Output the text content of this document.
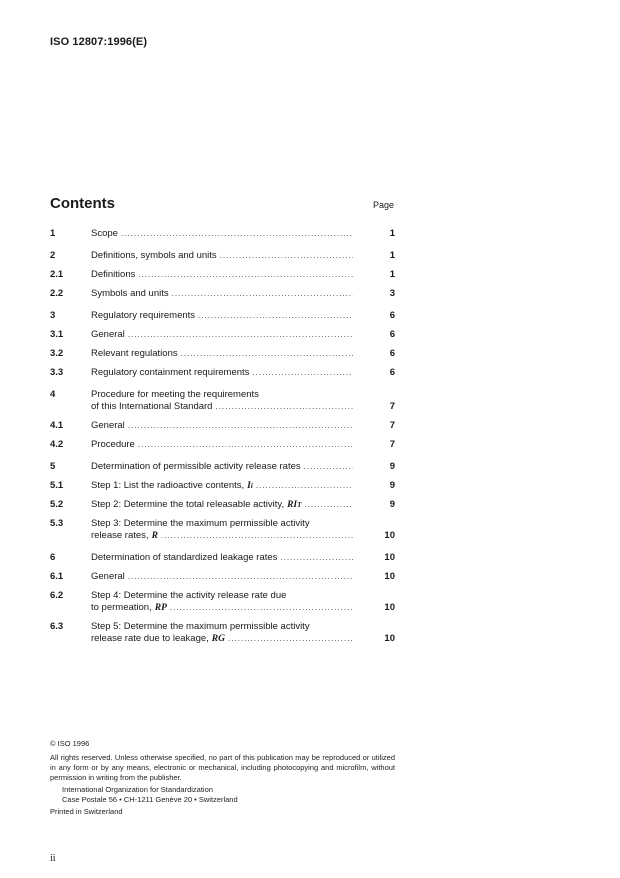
ISO 12807:1996(E)
Contents	Page
1	Scope .....	1
2	Definitions, symbols and units .....	1
2.1	Definitions .....	1
2.2	Symbols and units .....	3
3	Regulatory requirements .....	6
3.1	General .....	6
3.2	Relevant regulations .....	6
3.3	Regulatory containment requirements .....	6
4	Procedure for meeting the requirements
of this International Standard .....	7
4.1	General .....	7
4.2	Procedure .....	7
5	Determination of permissible activity release rates .....	9
5.1	Step 1: List the radioactive contents, I i .....	9
5.2	Step 2: Determine the total releasable activity, RI T .....	9
5.3	Step 3: Determine the maximum permissible activity
release rates, R .....	10
6	Determination of standardized leakage rates .....	10
6.1	General .....	10
6.2	Step 4: Determine the activity release rate due
to permeation, RP .....	10
6.3	Step 5: Determine the maximum permissible activity
release rate due to leakage, RG .....	10
© ISO 1996
All rights reserved. Unless otherwise specified, no part of this publication may be reproduced or utilized in any form or by any means, electronic or mechanical, including photocopying and microfilm, without permission in writing from the publisher.
International Organization for Standardization
Case Postale 56 • CH-1211 Genève 20 • Switzerland
Printed in Switzerland
ii
